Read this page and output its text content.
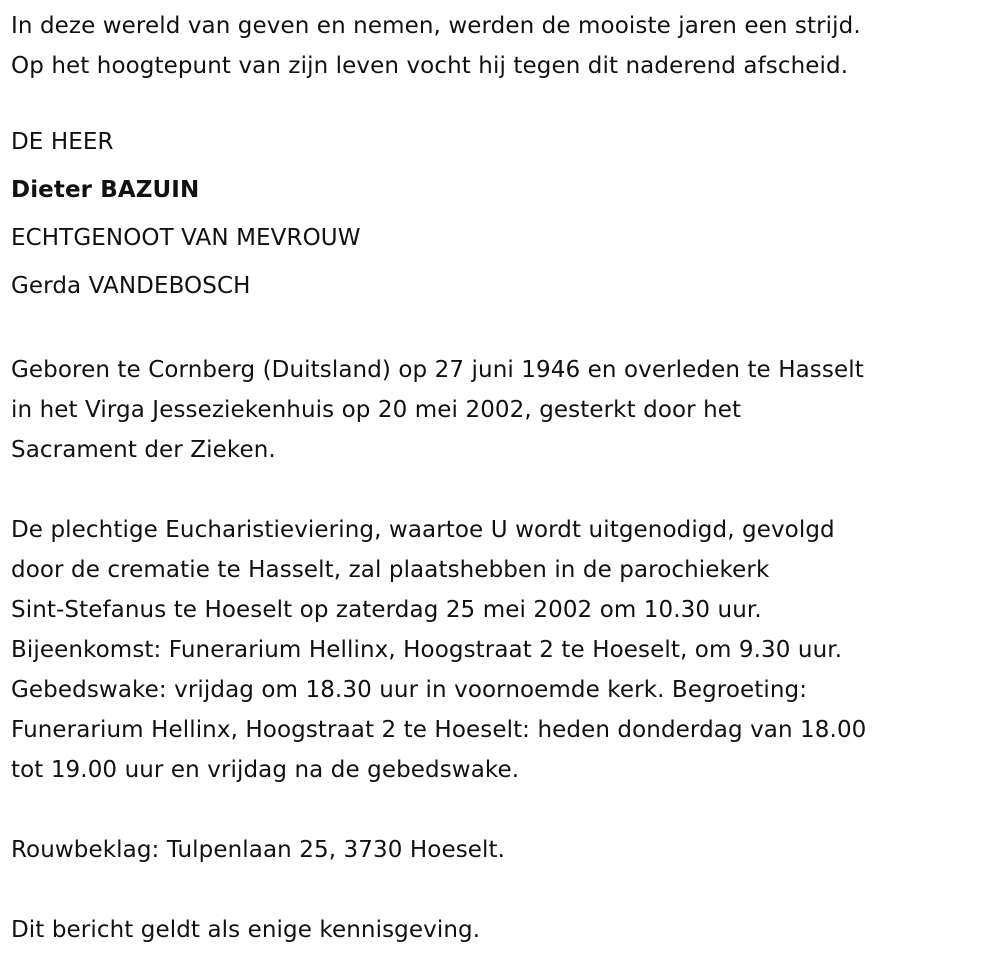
In deze wereld van geven en nemen, werden de mooiste jaren een strijd.
Op het hoogtepunt van zijn leven vocht hij tegen dit naderend afscheid.
DE HEER
Dieter BAZUIN
ECHTGENOOT VAN MEVROUW
Gerda VANDEBOSCH
Geboren te Cornberg (Duitsland) op 27 juni 1946 en overleden te Hasselt
in het Virga Jesseziekenhuis op 20 mei 2002, gesterkt door het
Sacrament der Zieken.
De plechtige Eucharistieviering, waartoe U wordt uitgenodigd, gevolgd
door de crematie te Hasselt, zal plaatshebben in de parochiekerk
Sint-Stefanus te Hoeselt op zaterdag 25 mei 2002 om 10.30 uur.
Bijeenkomst: Funerarium Hellinx, Hoogstraat 2 te Hoeselt, om 9.30 uur.
Gebedswake: vrijdag om 18.30 uur in voornoemde kerk. Begroeting:
Funerarium Hellinx, Hoogstraat 2 te Hoeselt: heden donderdag van 18.00
tot 19.00 uur en vrijdag na de gebedswake.
Rouwbeklag: Tulpenlaan 25, 3730 Hoeselt.
Dit bericht geldt als enige kennisgeving.
